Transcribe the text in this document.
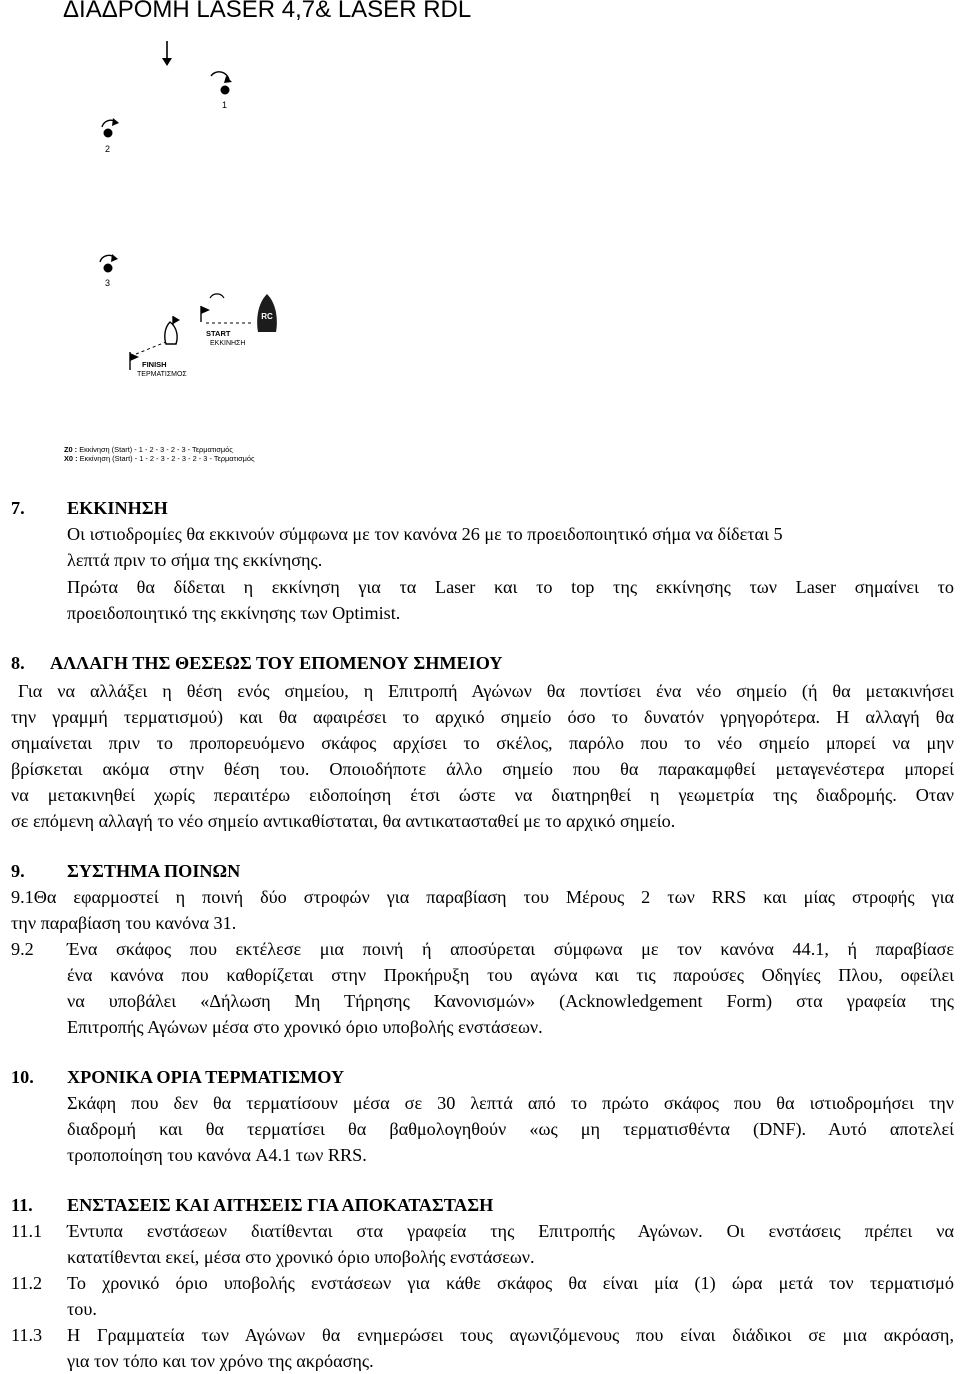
ΔΙΑΔΡΟΜΗ LASER 4,7& LASER RDL
1
2
3
RC
START
ΕΚΚΙΝΗΣΗ
FINISH
ΤΕΡΜΑΤΙΣΜΟΣ
Z0 : Εκκίνηση (Start) - 1 - 2 - 3 - 2 - 3 - Τερματισμός
X0 : Εκκίνηση (Start) - 1 - 2 - 3 - 2 - 3 - 2 - 3 - Τερματισμός
7. ΕΚΚΙΝΗΣΗ
Οι ιστιοδρομίες θα εκκινούν σύμφωνα με τον κανόνα 26 με το προειδοποιητικό σήμα να δίδεται 5
λεπτά πριν το σήμα της εκκίνησης.
Πρώτα θα δίδεται η εκκίνηση για τα Laser και το top της εκκίνησης των Laser σημαίνει το
προειδοποιητικό της εκκίνησης των Optimist.
8. ΑΛΛΑΓΗ ΤΗΣ ΘΕΣΕΩΣ ΤΟΥ ΕΠΟΜΕΝΟΥ ΣΗΜΕΙΟΥ
Για να αλλάξει η θέση ενός σημείου, η Επιτροπή Αγώνων θα ποντίσει ένα νέο σημείο (ή θα μετακινήσει
την γραμμή τερματισμού) και θα αφαιρέσει το αρχικό σημείο όσο το δυνατόν γρηγορότερα. Η αλλαγή θα
σημαίνεται πριν το προπορευόμενο σκάφος αρχίσει το σκέλος, παρόλο που το νέο σημείο μπορεί να μην
βρίσκεται ακόμα στην θέση του. Οποιοδήποτε άλλο σημείο που θα παρακαμφθεί μεταγενέστερα μπορεί
να μετακινηθεί χωρίς περαιτέρω ειδοποίηση έτσι ώστε να διατηρηθεί η γεωμετρία της διαδρομής. Οταν
σε επόμενη αλλαγή το νέο σημείο αντικαθίσταται, θα αντικατασταθεί με το αρχικό σημείο.
9. ΣΥΣΤΗΜΑ ΠΟΙΝΩΝ
9.1Θα εφαρμοστεί η ποινή δύο στροφών για παραβίαση του Μέρους 2 των RRS και μίας στροφής για
την παραβίαση του κανόνα 31.
9.2 Ένα σκάφος που εκτέλεσε μια ποινή ή αποσύρεται σύμφωνα με τον κανόνα 44.1, ή παραβίασε
ένα κανόνα που καθορίζεται στην Προκήρυξη του αγώνα και τις παρούσες Οδηγίες Πλου, οφείλει
να υποβάλει «Δήλωση Μη Τήρησης Κανονισμών» (Acknowledgement Form) στα γραφεία της
Επιτροπής Αγώνων μέσα στο χρονικό όριο υποβολής ενστάσεων.
10. ΧΡΟΝΙΚΑ ΟΡΙΑ ΤΕΡΜΑΤΙΣΜΟΥ
Σκάφη που δεν θα τερματίσουν μέσα σε 30 λεπτά από το πρώτο σκάφος που θα ιστιοδρομήσει την
διαδρομή και θα τερματίσει θα βαθμολογηθούν «ως μη τερματισθέντα (DNF). Αυτό αποτελεί
τροποποίηση του κανόνα A4.1 των RRS.
11. ΕΝΣΤΑΣΕΙΣ ΚΑΙ ΑΙΤΗΣΕΙΣ ΓΙΑ ΑΠΟΚΑΤΑΣΤΑΣΗ
11.1 Έντυπα ενστάσεων διατίθενται στα γραφεία της Επιτροπής Αγώνων. Οι ενστάσεις πρέπει να
κατατίθενται εκεί, μέσα στο χρονικό όριο υποβολής ενστάσεων.
11.2 Το χρονικό όριο υποβολής ενστάσεων για κάθε σκάφος θα είναι μία (1) ώρα μετά τον τερματισμό
του.
11.3 Η Γραμματεία των Αγώνων θα ενημερώσει τους αγωνιζόμενους που είναι διάδικοι σε μια ακρόαση,
για τον τόπο και τον χρόνο της ακρόασης.
